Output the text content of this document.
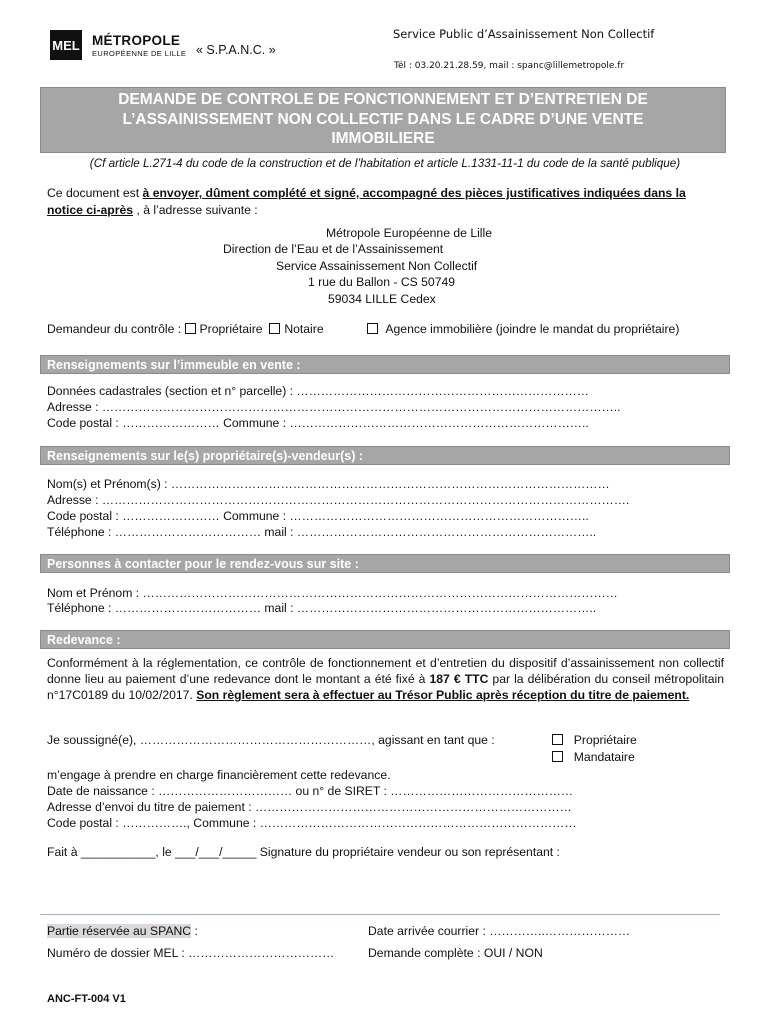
MEL MÉTROPOLE
EUROPÉENNE DE LILLE « S.P.A.N.C. »
Service Public d’Assainissement Non Collectif
Tél : 03.20.21.28.59, mail : spanc@lillemetropole.fr
DEMANDE DE CONTROLE DE FONCTIONNEMENT ET D’ENTRETIEN DE
L’ASSAINISSEMENT NON COLLECTIF DANS LE CADRE D’UNE VENTE
IMMOBILIERE
(Cf article L.271-4 du code de la construction et de l’habitation et article L.1331-11-1 du code de la santé publique)
Ce document est à envoyer, dûment complété et signé, accompagné des pièces justificatives indiquées dans la
notice ci-après , à l’adresse suivante :
Métropole Européenne de Lille
Direction de l’Eau et de l’Assainissement
Service Assainissement Non Collectif
1 rue du Ballon - CS 50749
59034 LILLE Cedex
Demandeur du contrôle : Propriétaire Notaire	Agence immobilière (joindre le mandat du propriétaire)
Renseignements sur l’immeuble en vente :
Données cadastrales (section et n° parcelle) : ………………………………………………………………
Adresse : ………………………………………………………………………………………………………………..
Code postal : …………………… Commune : ………………………………………………………………..
Renseignements sur le(s) propriétaire(s)-vendeur(s) :
Nom(s) et Prénom(s) : ………………………………………………………………………………………………
Adresse : ………………………………………………………………………………………………………………….
Code postal : …………………… Commune : ………………………………………………………………..
Téléphone : ……………………………… mail : ………………………………………………………………..
Personnes à contacter pour le rendez-vous sur site :
Nom et Prénom : ………………………………………………………………………………………………………
Téléphone : ……………………………… mail : ………………………………………………………………..
Redevance :
Conformément à la réglementation, ce contrôle de fonctionnement et d’entretien du dispositif d’assainissement non collectif donne lieu au paiement d’une redevance dont le montant a été fixé à 187 € TTC par la délibération du conseil métropolitain n°17C0189 du 10/02/2017. Son règlement sera à effectuer au Trésor Public après réception du titre de paiement.
Je soussigné(e), …………………………………………………, agissant en tant que :	Propriétaire
Mandataire
m’engage à prendre en charge financièrement cette redevance.
Date de naissance : …………………………… ou n° de SIRET : ………………………………………
Adresse d’envoi du titre de paiement : ……………………………………………………………………
Code postal : ……………., Commune : ……………………………………………………………………
Fait à ___________, le ___/___/_____ Signature du propriétaire vendeur ou son représentant :
Partie réservée au SPANC :	Date arrivée courrier : …………..…………………
Numéro de dossier MEL : ………………………………	Demande complète : OUI / NON
ANC-FT-004 V1
